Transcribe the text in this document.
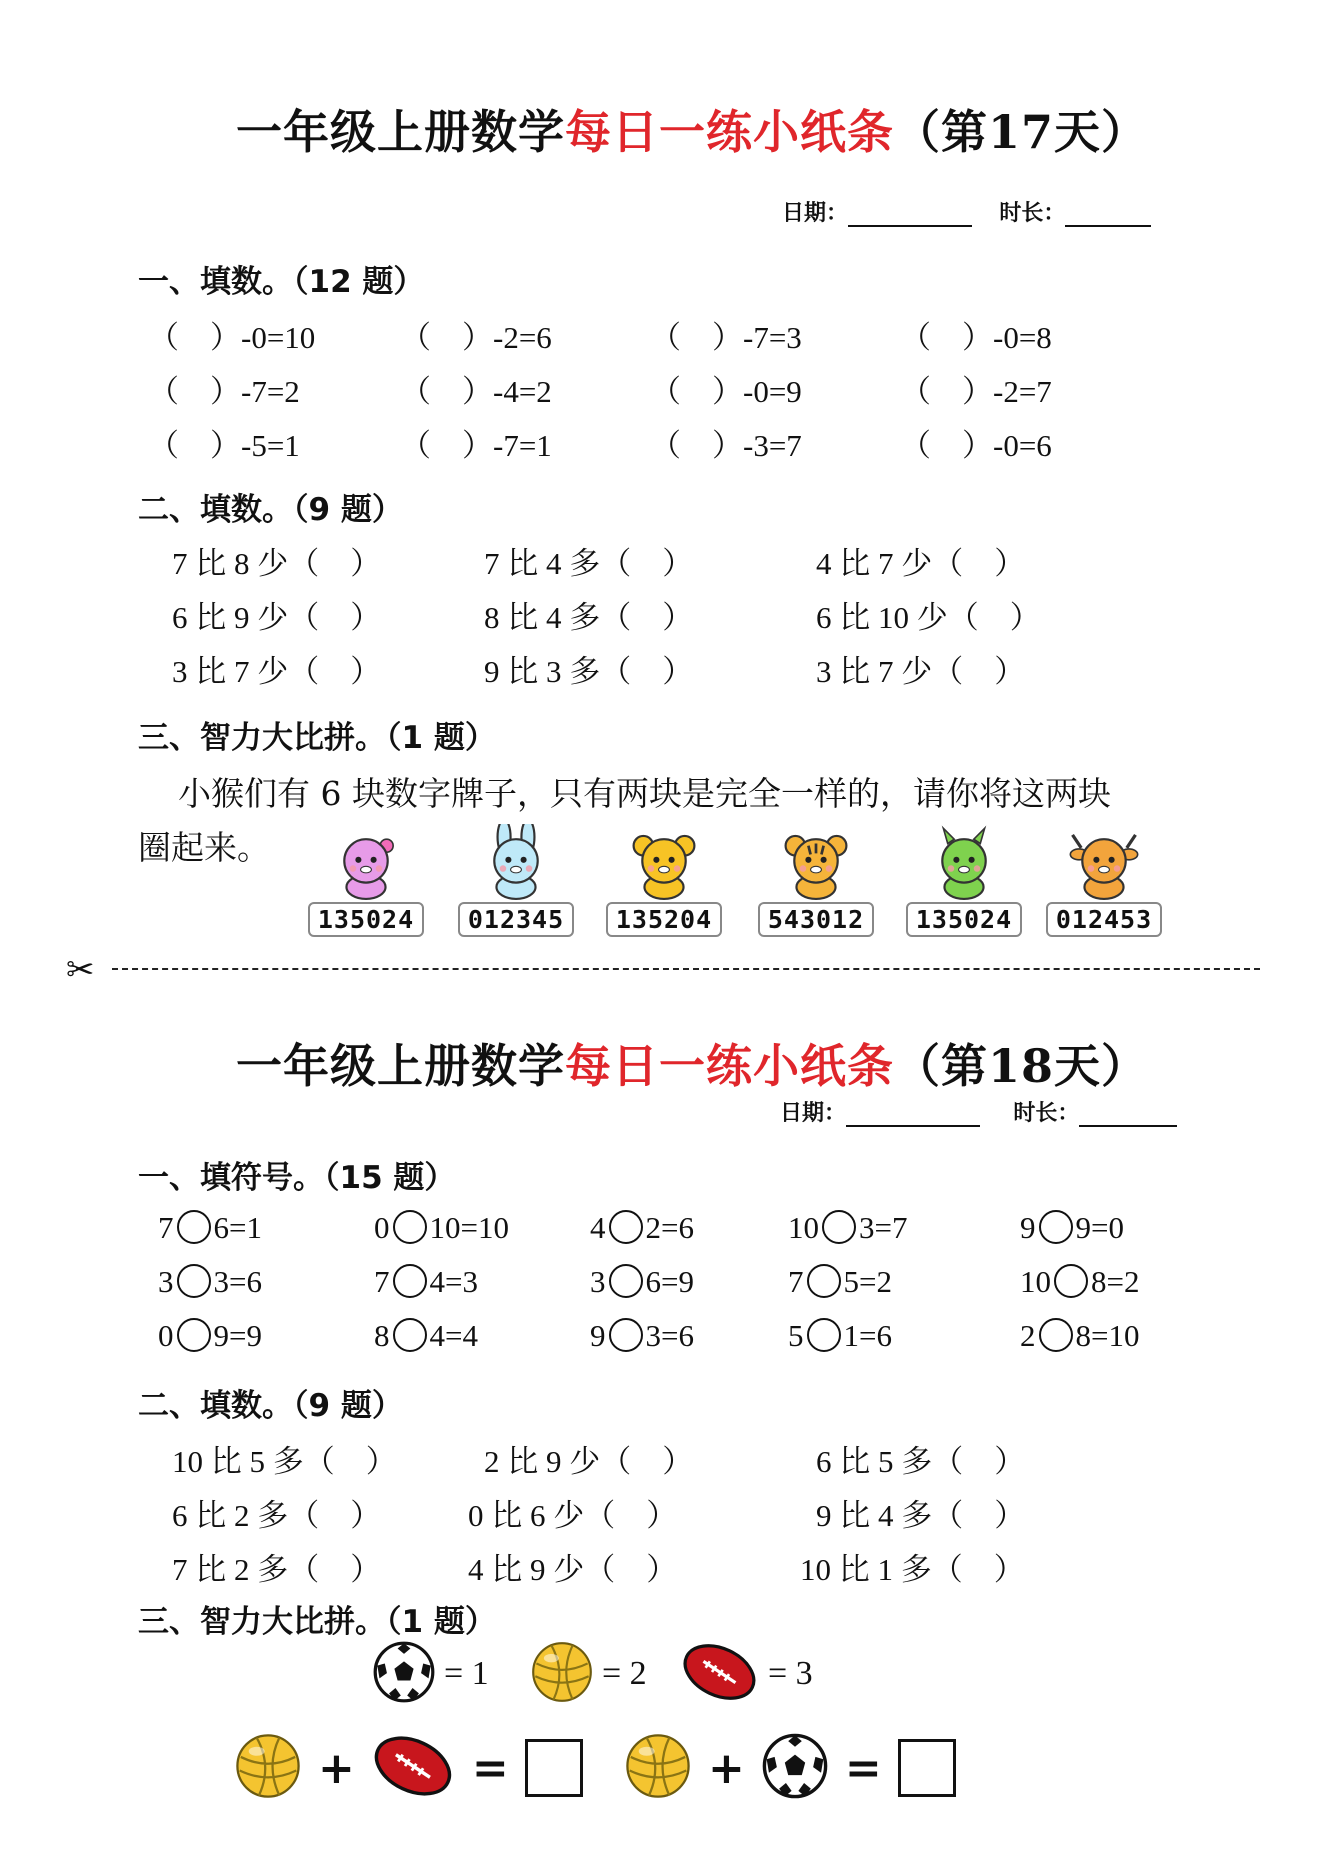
一年级上册数学每日一练小纸条（第17天）
日期：	时长：
一、填数。（12 题）
（　）-0=10	（　）-2=6	（　）-7=3	（　）-0=8
（　）-7=2	（　）-4=2	（　）-0=9	（　）-2=7
（　）-5=1	（　）-7=1	（　）-3=7	（　）-0=6
二、填数。（9 题）
7 比 8 少（　）	7 比 4 多（　）	4 比 7 少（　）
6 比 9 少（　）	8 比 4 多（　）	6 比 10 少（　）
3 比 7 少（　）	9 比 3 多（　）	3 比 7 少（　）
三、智力大比拼。（1 题）
小猴们有 6 块数字牌子，只有两块是完全一样的，请你将这两块
圈起来。
135024	012345	135204	543012	135024	012453
✂
一年级上册数学每日一练小纸条（第18天）
日期：	时长：
一、填符号。（15 题）
7 6=1	0 10=10	4 2=6	10 3=7	9 9=0
3 3=6	7 4=3	3 6=9	7 5=2	10 8=2
0 9=9	8 4=4	9 3=6	5 1=6	2 8=10
二、填数。（9 题）
10 比 5 多（　）	2 比 9 少（　）	6 比 5 多（　）
6 比 2 多（　）	0 比 6 少（　）	9 比 4 多（　）
7 比 2 多（　）	4 比 9 少（　）	10 比 1 多（　）
三、智力大比拼。（1 题）
= 1	= 2	= 3
+	=	+ =
